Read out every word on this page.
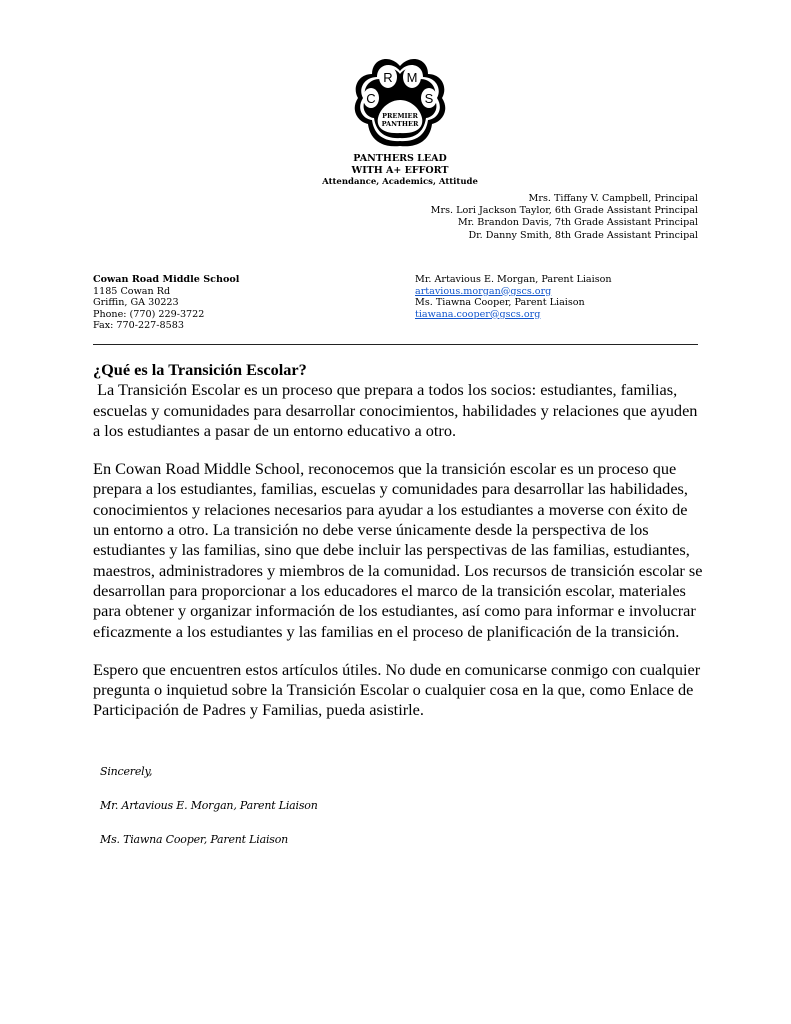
R M
C	S
PREMIER
PANTHER
PANTHERS LEAD
WITH A+ EFFORT
Attendance, Academics, Attitude
Mrs. Tiffany V. Campbell, Principal
Mrs. Lori Jackson Taylor, 6th Grade Assistant Principal
Mr. Brandon Davis, 7th Grade Assistant Principal
Dr. Danny Smith, 8th Grade Assistant Principal
Cowan Road Middle School
1185 Cowan Rd
Griffin, GA 30223
Phone: (770) 229-3722
Fax: 770-227-8583
Mr. Artavious E. Morgan, Parent Liaison
artavious.morgan@gscs.org
Ms. Tiawna Cooper, Parent Liaison
tiawana.cooper@gscs.org
¿Qué es la Transición Escolar?

La Transición Escolar es un proceso que prepara a todos los socios: estudiantes, familias, escuelas y comunidades para desarrollar conocimientos, habilidades y relaciones que ayuden a los estudiantes a pasar de un entorno educativo a otro.

En Cowan Road Middle School, reconocemos que la transición escolar es un proceso que prepara a los estudiantes, familias, escuelas y comunidades para desarrollar las habilidades, conocimientos y relaciones necesarios para ayudar a los estudiantes a moverse con éxito de un entorno a otro. La transición no debe verse únicamente desde la perspectiva de los estudiantes y las familias, sino que debe incluir las perspectivas de las familias, estudiantes, maestros, administradores y miembros de la comunidad. Los recursos de transición escolar se desarrollan para proporcionar a los educadores el marco de la transición escolar, materiales para obtener y organizar información de los estudiantes, así como para informar e involucrar eficazmente a los estudiantes y las familias en el proceso de planificación de la transición.

Espero que encuentren estos artículos útiles. No dude en comunicarse conmigo con cualquier pregunta o inquietud sobre la Transición Escolar o cualquier cosa en la que, como Enlace de Participación de Padres y Familias, pueda asistirle.

Sincerely,
Mr. Artavious E. Morgan, Parent Liaison
Ms. Tiawna Cooper, Parent Liaison
